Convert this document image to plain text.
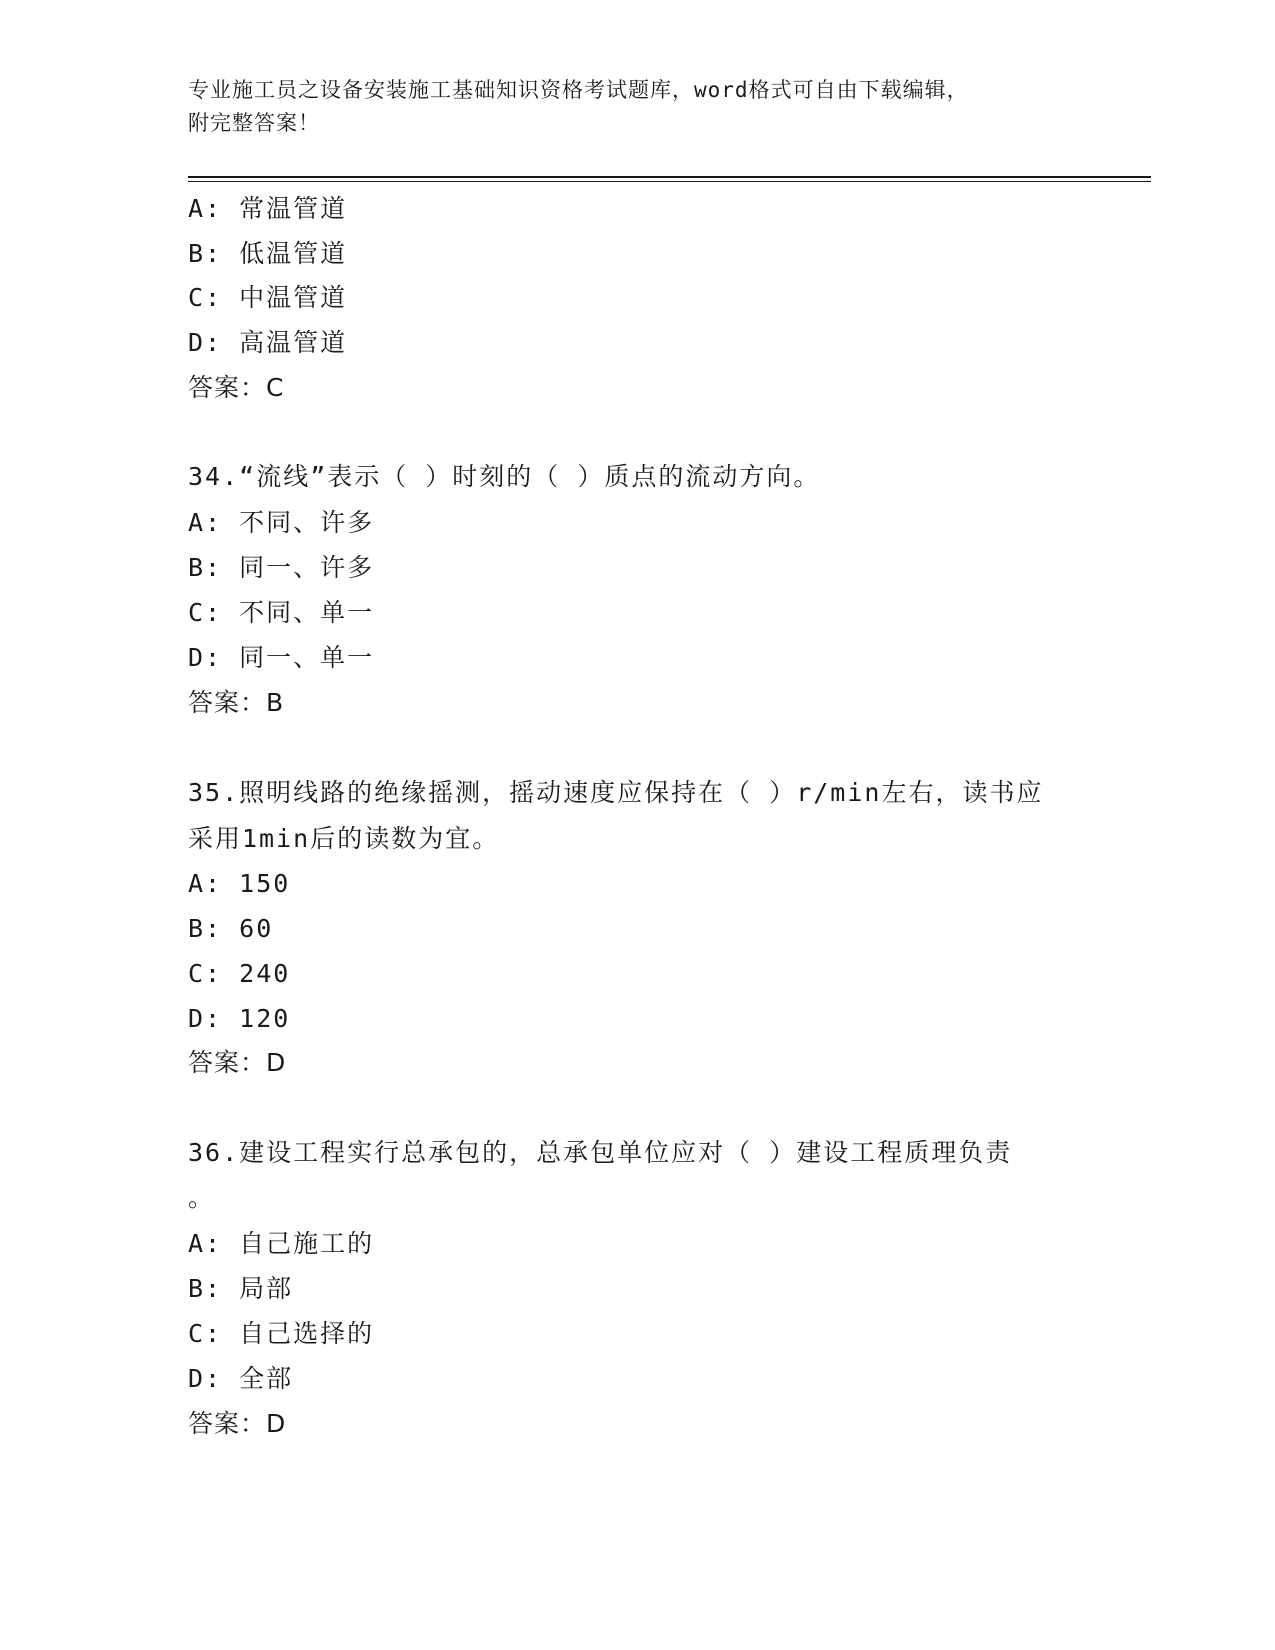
专业施工员之设备安装施工基础知识资格考试题库，word格式可自由下载编辑，
附完整答案！
A: 常温管道
B: 低温管道
C: 中温管道
D: 高温管道
答案：C
34.“流线”表示（ ）时刻的（ ）质点的流动方向。
A: 不同、许多
B: 同一、许多
C: 不同、单一
D: 同一、单一
答案：B
35.照明线路的绝缘摇测，摇动速度应保持在（ ）r/min左右，读书应
采用1min后的读数为宜。
A: 150
B: 60
C: 240
D: 120
答案：D
36.建设工程实行总承包的，总承包单位应对（ ）建设工程质理负责
。
A: 自己施工的
B: 局部
C: 自己选择的
D: 全部
答案：D
